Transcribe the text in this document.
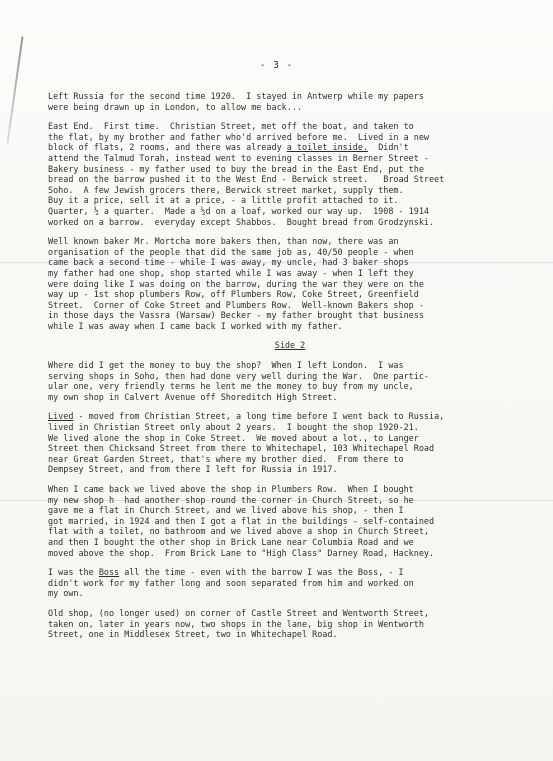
- 3 -
Left Russia for the second time 1920.  I stayed in Antwerp while my papers
were being drawn up in London, to allow me back...
East End.  First time.  Christian Street, met off the boat, and taken to
the flat, by my brother and father who'd arrived before me.  Lived in a new
block of flats, 2 rooms, and there was already a toilet inside.  Didn't
attend the Talmud Torah, instead went to evening classes in Berner Street -
Bakery business - my father used to buy the bread in the East End, put the
bread on the barrow pushed it to the West End - Berwick street.   Broad Street
Soho.  A few Jewish grocers there, Berwick street market, supply them.
Buy it a price, sell it at a price, - a little profit attached to it.
Quarter, ½ a quarter.  Made a ½d on a loaf, worked our way up.  1908 - 1914
worked on a barrow.  everyday except Shabbos.  Bought bread from Grodzynski.
Well known baker Mr. Mortcha more bakers then, than now, there was an
organisation of the people that did the same job as, 40/50 people - when
came back a second time - while I was away, my uncle, had 3 baker shops
my father had one shop, shop started while I was away - when I left they
were doing like I was doing on the barrow, during the war they were on the
way up - 1st shop plumbers Row, off Plumbers Row, Coke Street, Greenfield
Street.  Corner of Coke Street and Plumbers Row.  Well-known Bakers shop -
in those days the Vassra (Warsaw) Becker - my father brought that business
while I was away when I came back I worked with my father.
Side 2
Where did I get the money to buy the shop?  When I left London.  I was
serving shops in Soho, then had done very well during the War.  One partic-
ular one, very friendly terms he lent me the money to buy from my uncle,
my own shop in Calvert Avenue off Shoreditch High Street.
Lived - moved from Christian Street, a long time before I went back to Russia,
lived in Christian Street only about 2 years.  I bought the shop 1920-21.
We lived alone the shop in Coke Street.  We moved about a lot., to Langer
Street then Chicksand Street from there to Whitechapel, 103 Whitechapel Road
near Great Garden Street, that's where my brother died.  From there to
Dempsey Street, and from there I left for Russia in 1917.
When I came back we lived above the shop in Plumbers Row.  When I bought
my new shop h  had another shop round the corner in Church Street, so he
gave me a flat in Church Street, and we lived above his shop, - then I
got married, in 1924 and then I got a flat in the buildings - self-contained
flat with a toilet, no bathroom and we lived above a shop in Church Street,
and then I bought the other shop in Brick Lane near Columbia Road and we
moved above the shop.  From Brick Lane to "High Class" Darney Road, Hackney.
I was the Boss all the time - even with the barrow I was the Boss, - I
didn't work for my father long and soon separated from him and worked on
my own.
Old shop, (no longer used) on corner of Castle Street and Wentworth Street,
taken on, later in years now, two shops in the lane, big shop in Wentworth
Street, one in Middlesex Street, two in Whitechapel Road.
